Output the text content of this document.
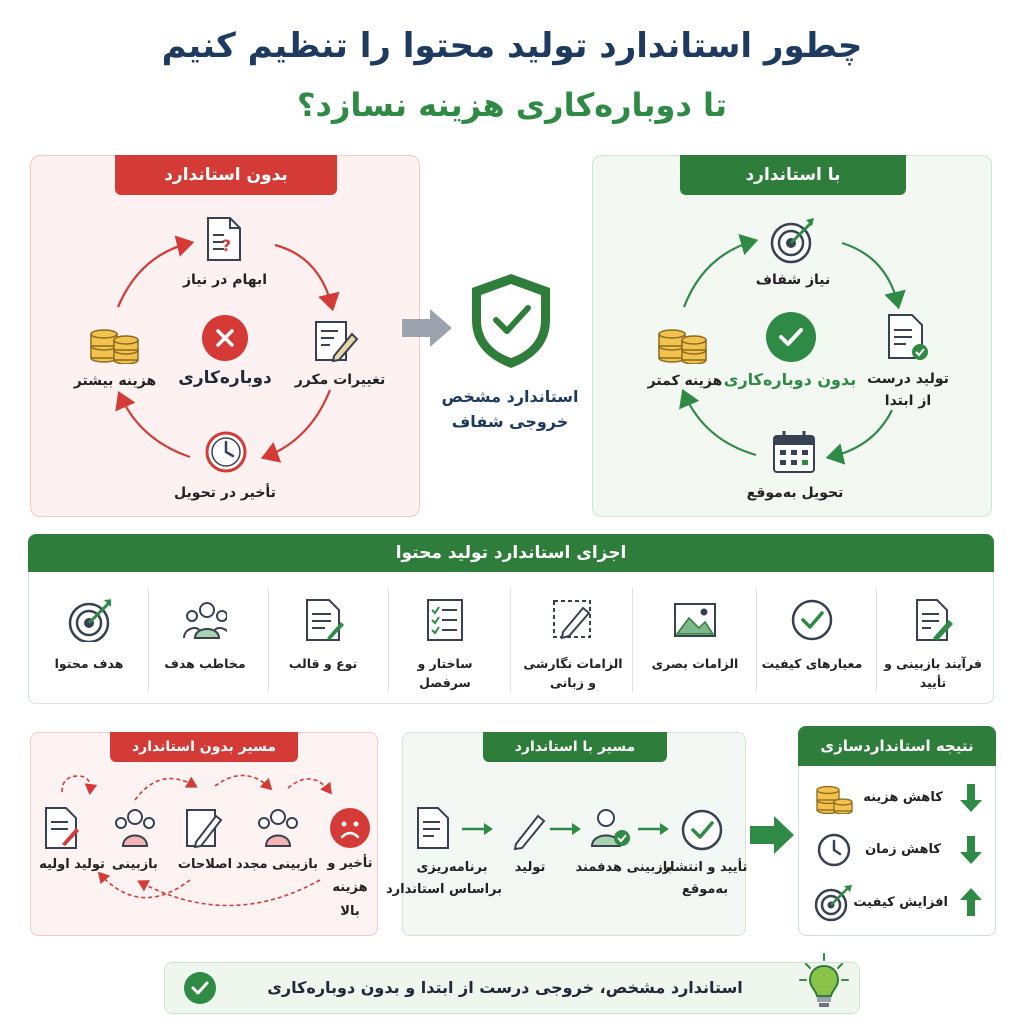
چطور استاندارد تولید محتوا را تنظیم کنیم
تا دوباره‌کاری هزینه نسازد؟
بدون استاندارد
?
ابهام در نیاز
تغییرات مکرر
دوباره‌کاری
هزینه بیشتر
تأخیر در تحویل
استاندارد مشخص
خروجی شفاف
با استاندارد
نیاز شفاف
تولید درست
از ابتدا
بدون دوباره‌کاری
هزینه کمتر
تحویل به‌موقع
اجزای استاندارد تولید محتوا
فرآیند بازبینی و تأیید
معیارهای کیفیت
الزامات بصری
الزامات نگارشی و زبانی
ساختار و سرفصل
نوع و قالب
مخاطب هدف
هدف محتوا
مسیر بدون استاندارد
تولید اولیه بازبینی	اصلاحات بازبینی مجدد تأخیر و
هزینه
بالا
مسیر با استاندارد
برنامه‌ریزی
براساس استاندارد
تولید	بازبینی هدفمند
تأیید و انتشار
به‌موقع
نتیجه استانداردسازی
کاهش هزینه
کاهش زمان
افزایش کیفیت
استاندارد مشخص، خروجی درست از ابتدا و بدون دوباره‌کاری
